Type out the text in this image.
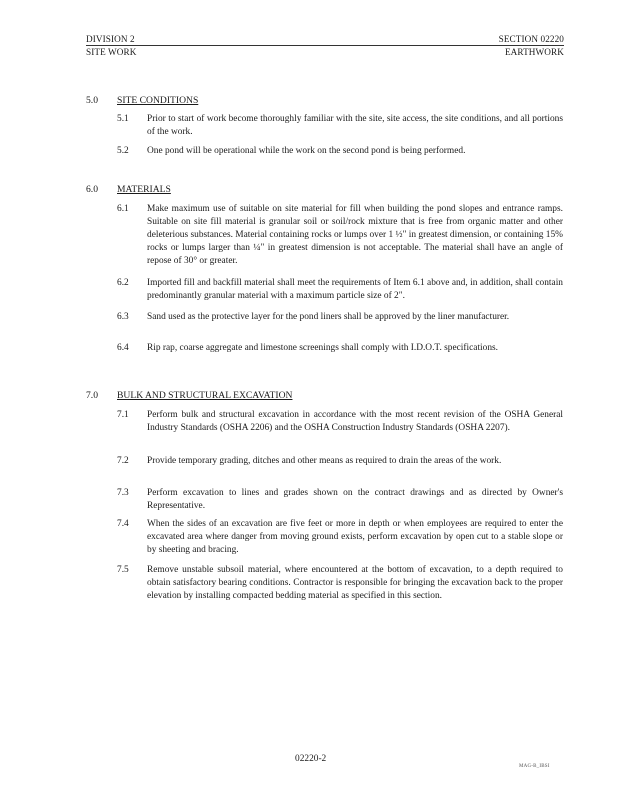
DIVISION 2	SECTION 02220
SITE WORK	EARTHWORK
5.0 SITE CONDITIONS
5.1 Prior to start of work become thoroughly familiar with the site, site access, the site conditions, and all portions of the work.
5.2 One pond will be operational while the work on the second pond is being performed.
6.0 MATERIALS
6.1 Make maximum use of suitable on site material for fill when building the pond slopes and entrance ramps. Suitable on site fill material is granular soil or soil/rock mixture that is free from organic matter and other deleterious substances. Material containing rocks or lumps over 1 ½" in greatest dimension, or containing 15% rocks or lumps larger than ¼" in greatest dimension is not acceptable. The material shall have an angle of repose of 30° or greater.
6.2 Imported fill and backfill material shall meet the requirements of Item 6.1 above and, in addition, shall contain predominantly granular material with a maximum particle size of 2".
6.3 Sand used as the protective layer for the pond liners shall be approved by the liner manufacturer.
6.4 Rip rap, coarse aggregate and limestone screenings shall comply with I.D.O.T. specifications.
7.0 BULK AND STRUCTURAL EXCAVATION
7.1 Perform bulk and structural excavation in accordance with the most recent revision of the OSHA General Industry Standards (OSHA 2206) and the OSHA Construction Industry Standards (OSHA 2207).
7.2 Provide temporary grading, ditches and other means as required to drain the areas of the work.
7.3 Perform excavation to lines and grades shown on the contract drawings and as directed by Owner's Representative.
7.4 When the sides of an excavation are five feet or more in depth or when employees are required to enter the excavated area where danger from moving ground exists, perform excavation by open cut to a stable slope or by sheeting and bracing.
7.5 Remove unstable subsoil material, where encountered at the bottom of excavation, to a depth required to obtain satisfactory bearing conditions. Contractor is responsible for bringing the excavation back to the proper elevation by installing compacted bedding material as specified in this section.
02220-2
MAG-B_IBSI
